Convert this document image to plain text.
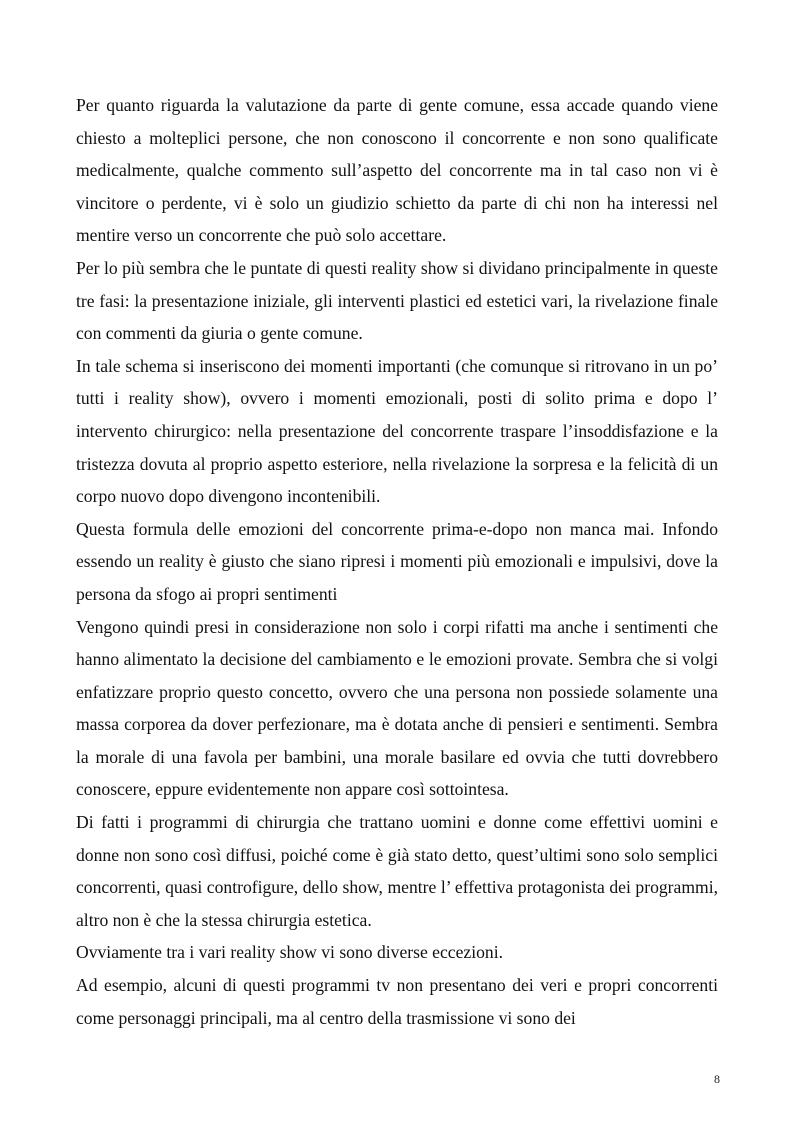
Per quanto riguarda la valutazione da parte di gente comune, essa accade quando viene chiesto a molteplici persone, che non conoscono il concorrente e non sono qualificate medicalmente, qualche commento sull’aspetto del concorrente ma in tal caso non vi è vincitore o perdente, vi è solo un giudizio schietto da parte di chi non ha interessi nel mentire verso un concorrente che può solo accettare.

Per lo più sembra che le puntate di questi reality show si dividano principalmente in queste tre fasi: la presentazione iniziale, gli interventi plastici ed estetici vari, la rivelazione finale con commenti da giuria o gente comune.

In tale schema si inseriscono dei momenti importanti (che comunque si ritrovano in un po’ tutti i reality show), ovvero i momenti emozionali, posti di solito prima e dopo l’ intervento chirurgico: nella presentazione del concorrente traspare l’insoddisfazione e la tristezza dovuta al proprio aspetto esteriore, nella rivelazione la sorpresa e la felicità di un corpo nuovo dopo divengono incontenibili.

Questa formula delle emozioni del concorrente prima-e-dopo non manca mai. Infondo essendo un reality è giusto che siano ripresi i momenti più emozionali e impulsivi, dove la persona da sfogo ai propri sentimenti

Vengono quindi presi in considerazione non solo i corpi rifatti ma anche i sentimenti che hanno alimentato la decisione del cambiamento e le emozioni provate. Sembra che si volgi enfatizzare proprio questo concetto, ovvero che una persona non possiede solamente una massa corporea da dover perfezionare, ma è dotata anche di pensieri e sentimenti. Sembra la morale di una favola per bambini, una morale basilare ed ovvia che tutti dovrebbero conoscere, eppure evidentemente non appare così sottointesa.

Di fatti i programmi di chirurgia che trattano uomini e donne come effettivi uomini e donne non sono così diffusi, poiché come è già stato detto, quest’ultimi sono solo semplici concorrenti, quasi controfigure, dello show, mentre l’ effettiva protagonista dei programmi, altro non è che la stessa chirurgia estetica.

Ovviamente tra i vari reality show vi sono diverse eccezioni.

Ad esempio, alcuni di questi programmi tv non presentano dei veri e propri concorrenti come personaggi principali, ma al centro della trasmissione vi sono dei

8
